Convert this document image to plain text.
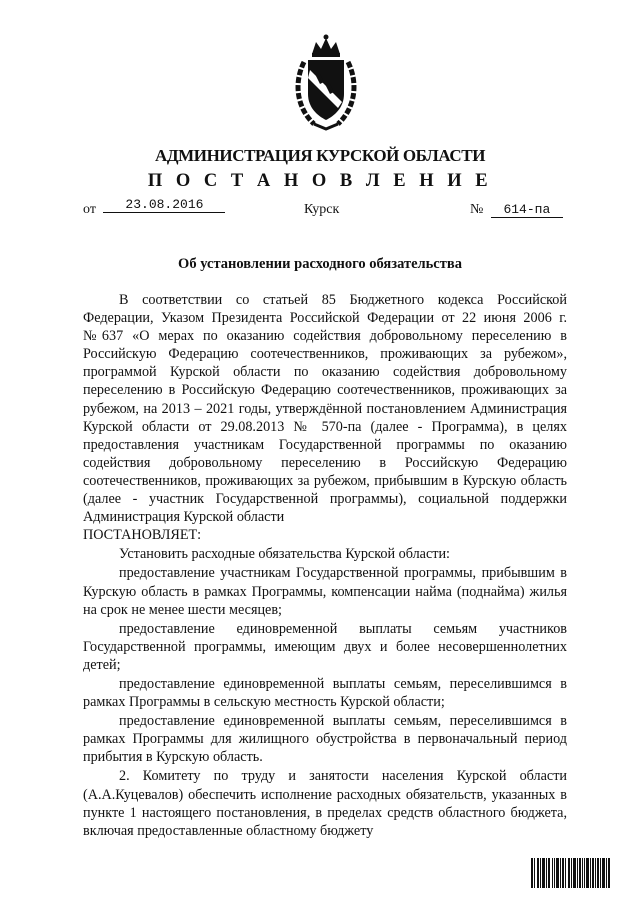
АДМИНИСТРАЦИЯ КУРСКОЙ ОБЛАСТИ
П О С Т А Н О В Л Е Н И Е
от 23.08.2016	Курск	№ 614-па
Об установлении расходного обязательства

В соответствии со статьей 85 Бюджетного кодекса Российской Федерации, Указом Президента Российской Федерации от 22 июня 2006 г. №637 «О мерах по оказанию содействия добровольному переселению в Российскую Федерацию соотечественников, проживающих за рубежом», программой Курской области по оказанию содействия добровольному переселению в Российскую Федерацию соотечественников, проживающих за рубежом, на 2013 – 2021 годы, утверждённой постановлением Администрация Курской области от 29.08.2013 № 570-па (далее - Программа), в целях предоставления участникам Государственной программы по оказанию содействия добровольному переселению в Российскую Федерацию соотечественников, проживающих за рубежом, прибывшим в Курскую область (далее - участник Государственной программы), социальной поддержки Администрация Курской области

ПОСТАНОВЛЯЕТ:

Установить расходные обязательства Курской области:

предоставление участникам Государственной программы, прибывшим в Курскую область в рамках Программы, компенсации найма (поднайма) жилья на срок не менее шести месяцев;

предоставление единовременной выплаты семьям участников Государственной программы, имеющим двух и более несовершеннолетних детей;

предоставление единовременной выплаты семьям, переселившимся в рамках Программы в сельскую местность Курской области;

предоставление единовременной выплаты семьям, переселившимся в рамках Программы для жилищного обустройства в первоначальный период прибытия в Курскую область.

2. Комитету по труду и занятости населения Курской области (А.А.Куцевалов) обеспечить исполнение расходных обязательств, указанных в пункте 1 настоящего постановления, в пределах средств областного бюджета, включая предоставленные областному бюджету
